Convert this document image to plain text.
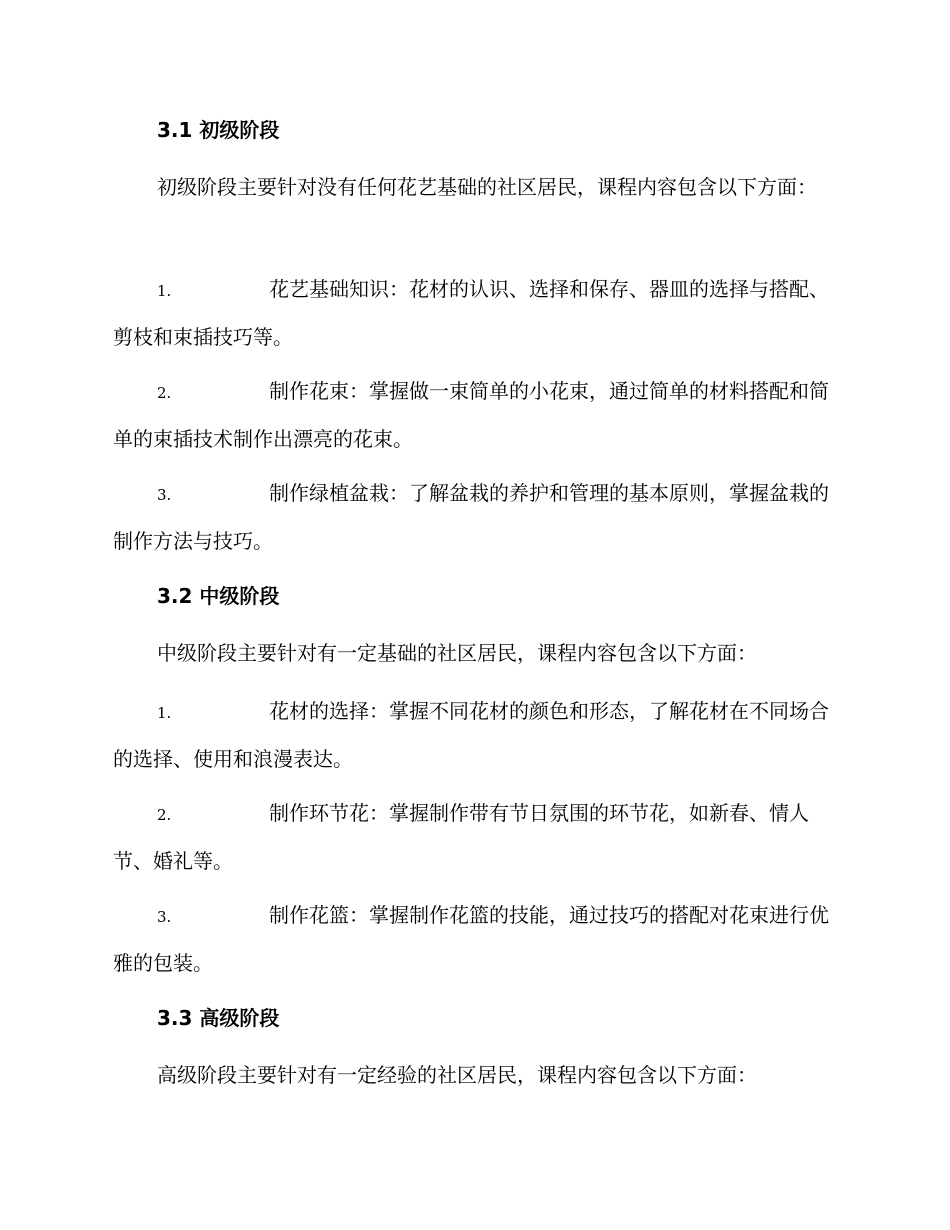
3.1 初级阶段

初级阶段主要针对没有任何花艺基础的社区居民，课程内容包含以下方面：

1.	花艺基础知识：花材的认识、选择和保存、器皿的选择与搭配、剪枝和束插技巧等。

2.	制作花束：掌握做一束简单的小花束，通过简单的材料搭配和简单的束插技术制作出漂亮的花束。

3.	制作绿植盆栽：了解盆栽的养护和管理的基本原则，掌握盆栽的制作方法与技巧。

3.2 中级阶段

中级阶段主要针对有一定基础的社区居民，课程内容包含以下方面：

1.	花材的选择：掌握不同花材的颜色和形态，了解花材在不同场合的选择、使用和浪漫表达。

2.	制作环节花：掌握制作带有节日氛围的环节花，如新春、情人节、婚礼等。

3.	制作花篮：掌握制作花篮的技能，通过技巧的搭配对花束进行优雅的包装。

3.3 高级阶段

高级阶段主要针对有一定经验的社区居民，课程内容包含以下方面：
